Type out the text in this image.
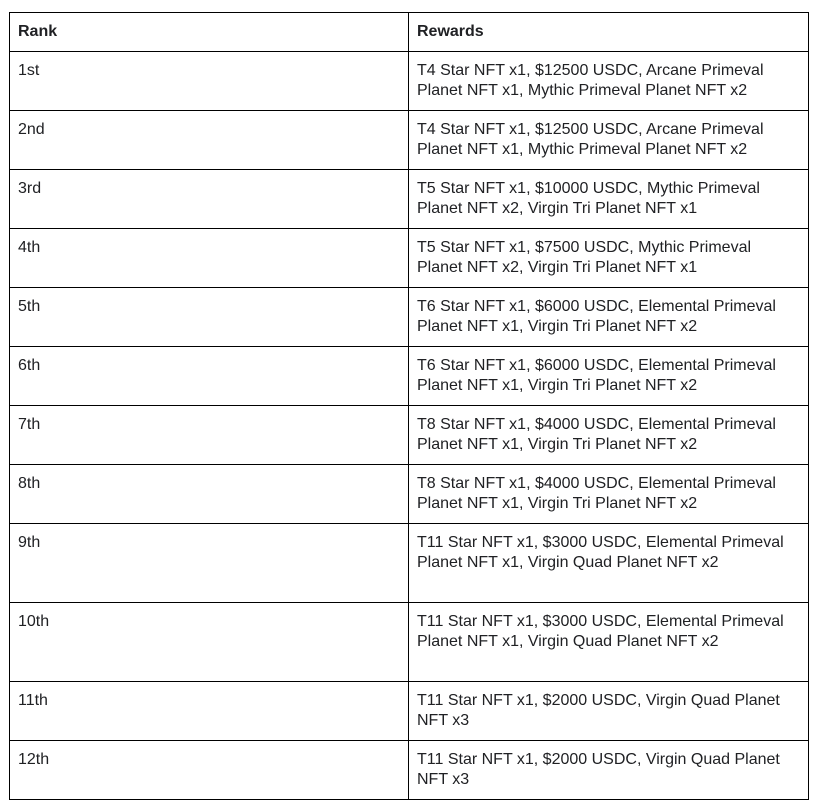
Rank	Rewards
1st	T4 Star NFT x1, $12500 USDC, Arcane Primeval Planet NFT x1, Mythic Primeval Planet NFT x2
2nd	T4 Star NFT x1, $12500 USDC, Arcane Primeval Planet NFT x1, Mythic Primeval Planet NFT x2
3rd	T5 Star NFT x1, $10000 USDC, Mythic Primeval Planet NFT x2, Virgin Tri Planet NFT x1
4th	T5 Star NFT x1, $7500 USDC, Mythic Primeval Planet NFT x2, Virgin Tri Planet NFT x1
5th	T6 Star NFT x1, $6000 USDC, Elemental Primeval Planet NFT x1, Virgin Tri Planet NFT x2
6th	T6 Star NFT x1, $6000 USDC, Elemental Primeval Planet NFT x1, Virgin Tri Planet NFT x2
7th	T8 Star NFT x1, $4000 USDC, Elemental Primeval Planet NFT x1, Virgin Tri Planet NFT x2
8th	T8 Star NFT x1, $4000 USDC, Elemental Primeval Planet NFT x1, Virgin Tri Planet NFT x2
9th	T11 Star NFT x1, $3000 USDC, Elemental Primeval Planet NFT x1, Virgin Quad Planet NFT x2
10th	T11 Star NFT x1, $3000 USDC, Elemental Primeval Planet NFT x1, Virgin Quad Planet NFT x2
11th	T11 Star NFT x1, $2000 USDC, Virgin Quad Planet NFT x3
12th	T11 Star NFT x1, $2000 USDC, Virgin Quad Planet NFT x3
